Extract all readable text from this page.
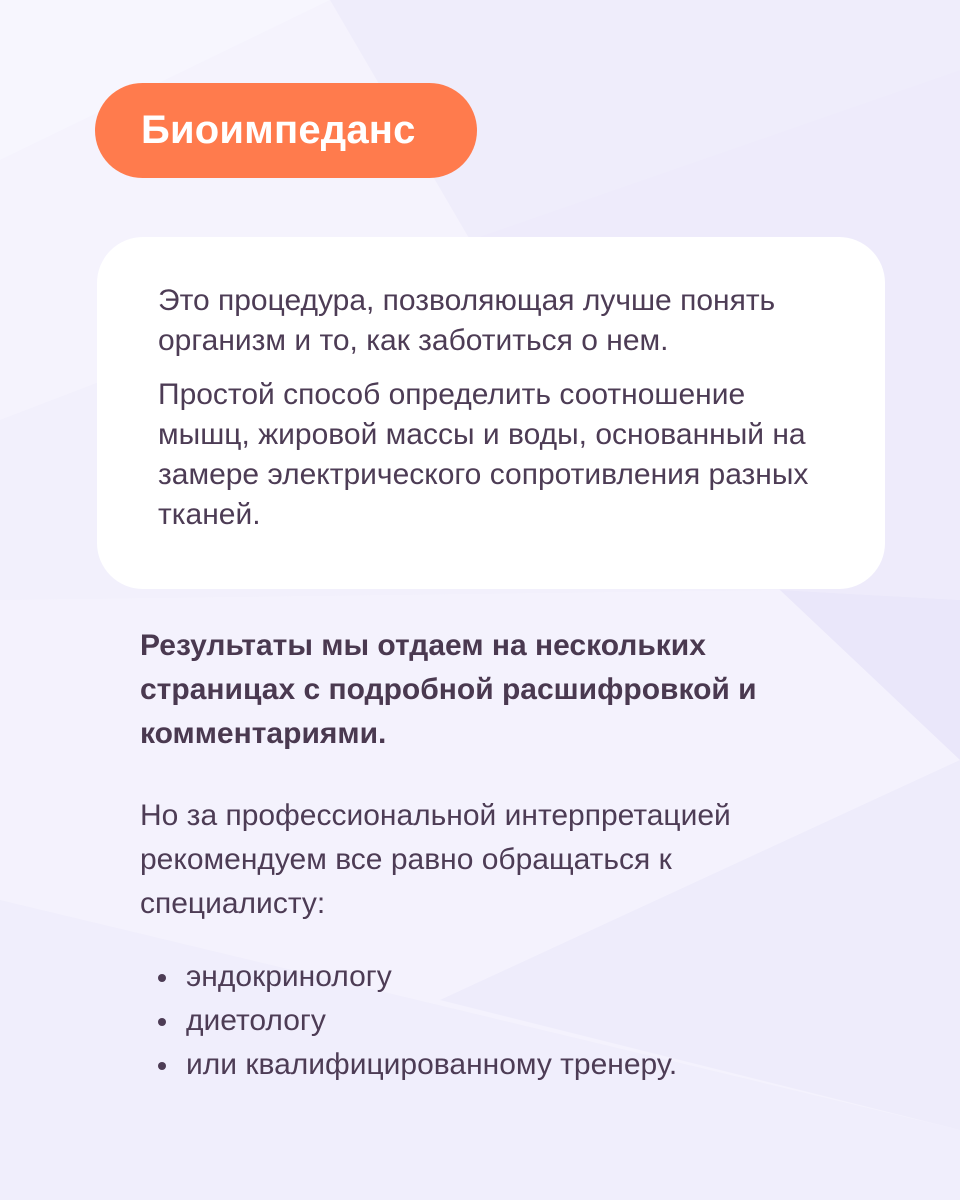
Биоимпеданс

Это процедура, позволяющая лучше понять организм и то, как заботиться о нем.

Простой способ определить соотношение мышц, жировой массы и воды, основанный на замере электрического сопротивления разных тканей.

Результаты мы отдаем на нескольких страницах с подробной расшифровкой и комментариями.

Но за профессиональной интерпретацией рекомендуем все равно обращаться к специалисту:

эндокринологу
диетологу
или квалифицированному тренеру.
